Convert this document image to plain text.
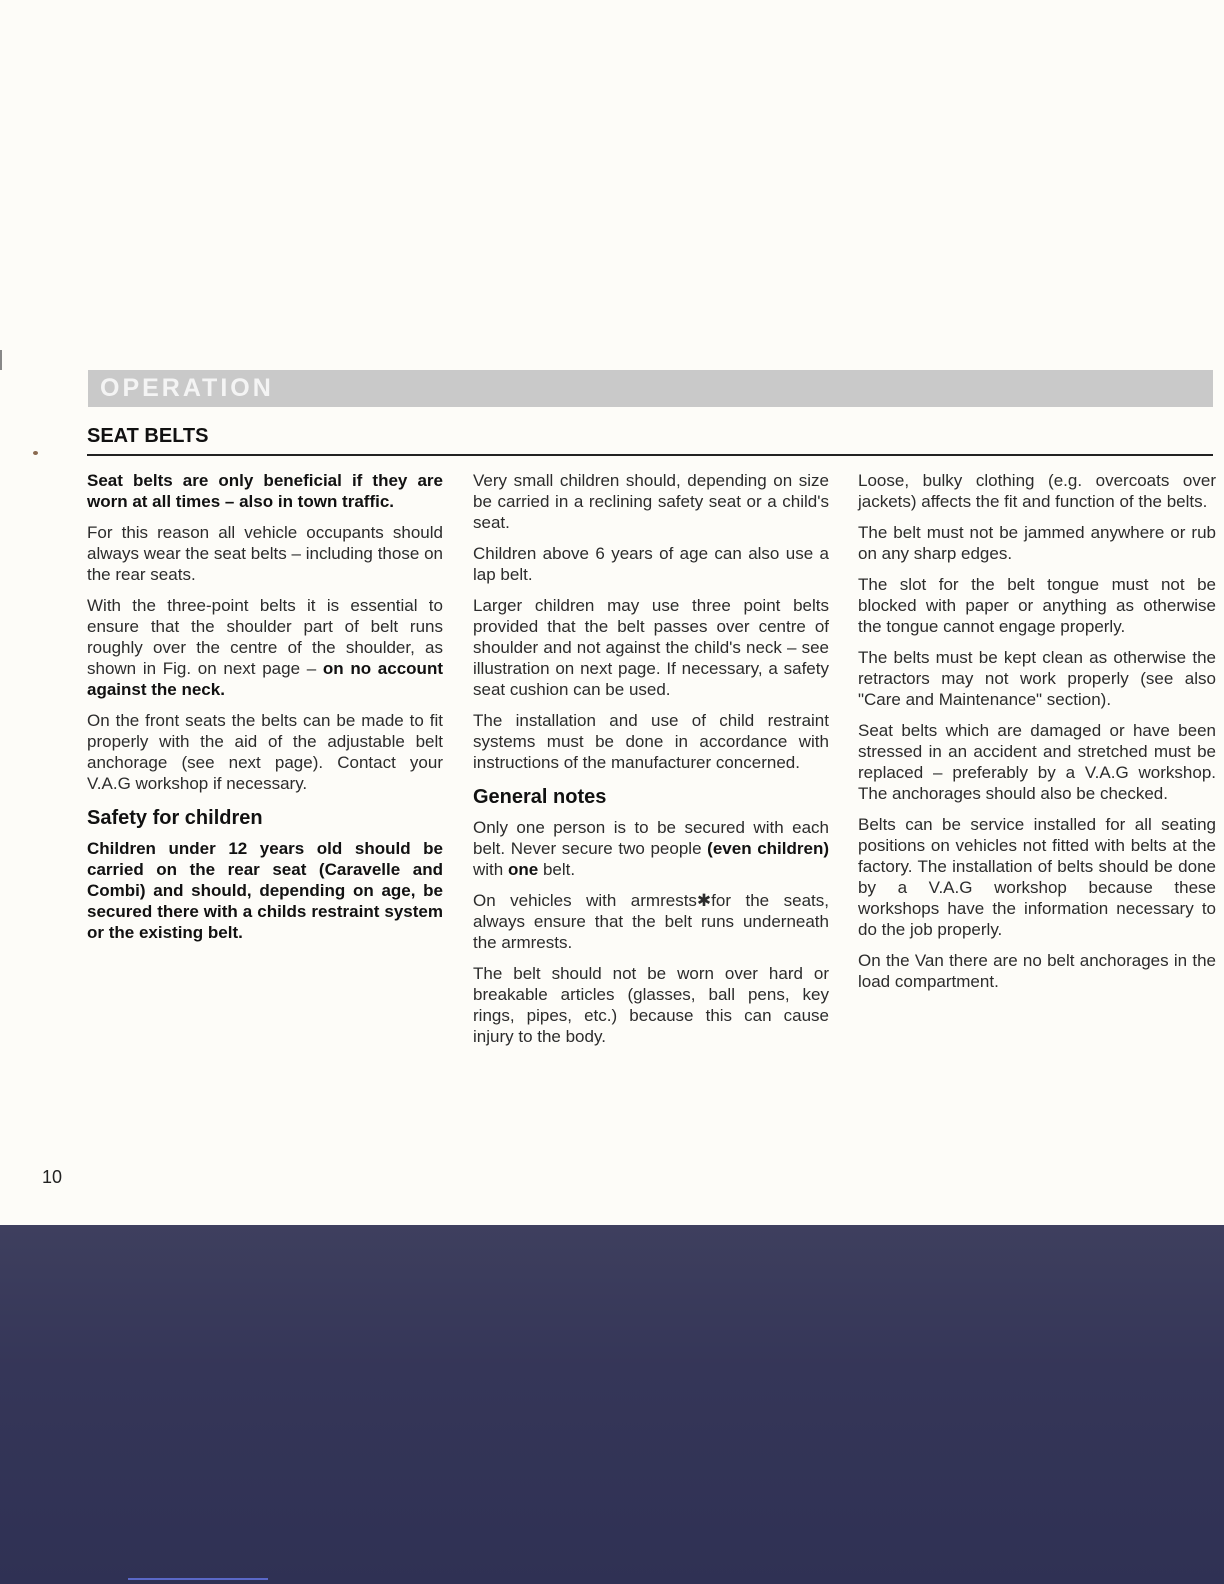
OPERATION
SEAT BELTS

Seat belts are only beneficial if they are worn at all times – also in town traffic.

For this reason all vehicle occupants should always wear the seat belts – including those on the rear seats.

With the three-point belts it is essential to ensure that the shoulder part of belt runs roughly over the centre of the shoulder, as shown in Fig. on next page – on no account against the neck.

On the front seats the belts can be made to fit properly with the aid of the adjustable belt anchorage (see next page). Contact your V.A.G workshop if necessary.

Safety for children

Children under 12 years old should be carried on the rear seat (Caravelle and Combi) and should, depending on age, be secured there with a childs restraint system or the existing belt.

Very small children should, depending on size be carried in a reclining safety seat or a child's seat.

Children above 6 years of age can also use a lap belt.

Larger children may use three point belts provided that the belt passes over centre of shoulder and not against the child's neck – see illustration on next page. If necessary, a safety seat cushion can be used.

The installation and use of child restraint systems must be done in accordance with instructions of the manufacturer concerned.

General notes

Only one person is to be secured with each belt. Never secure two people (even children) with one belt.

On vehicles with armrests✱for the seats, always ensure that the belt runs underneath the armrests.

The belt should not be worn over hard or breakable articles (glasses, ball pens, key rings, pipes, etc.) because this can cause injury to the body.

Loose, bulky clothing (e.g. overcoats over jackets) affects the fit and function of the belts.

The belt must not be jammed anywhere or rub on any sharp edges.

The slot for the belt tongue must not be blocked with paper or anything as otherwise the tongue cannot engage properly.

The belts must be kept clean as otherwise the retractors may not work properly (see also "Care and Maintenance" section).

Seat belts which are damaged or have been stressed in an accident and stretched must be replaced – preferably by a V.A.G workshop. The anchorages should also be checked.

Belts can be service installed for all seating positions on vehicles not fitted with belts at the factory. The installation of belts should be done by a V.A.G workshop because these workshops have the information necessary to do the job properly.

On the Van there are no belt anchorages in the load compartment.

10
